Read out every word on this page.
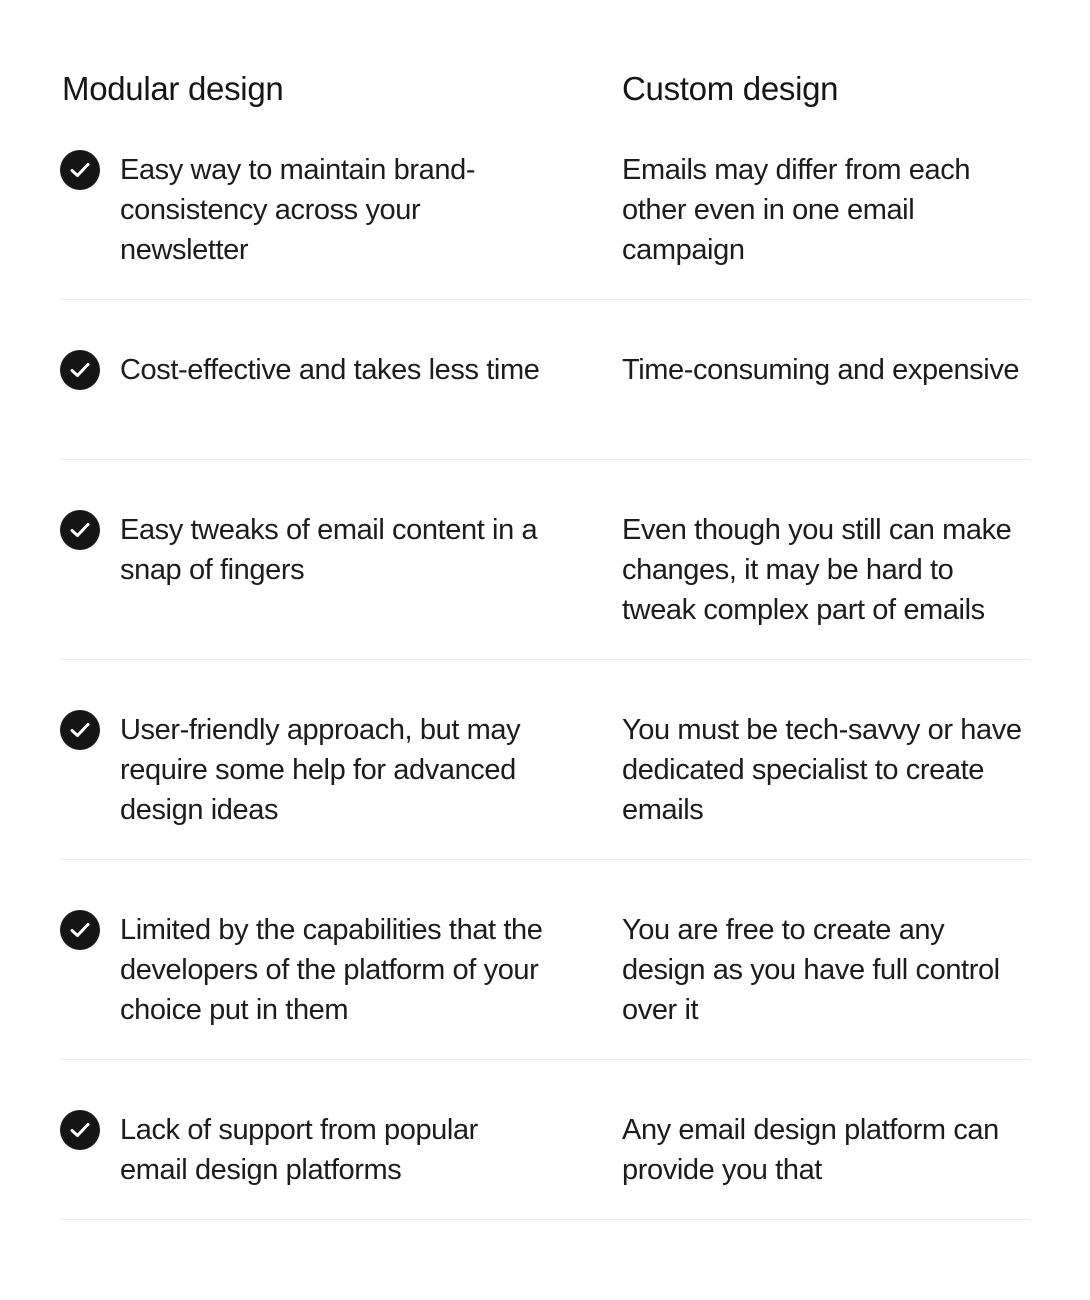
Modular design	Custom design
Easy way to maintain brand-consistency across your newsletter
Emails may differ from each other even in one email campaign
Cost-effective and takes less time	Time-consuming and expensive
Easy tweaks of email content in a snap of fingers
Even though you still can make changes, it may be hard to tweak complex part of emails
User-friendly approach, but may require some help for advanced design ideas
You must be tech-savvy or have dedicated specialist to create emails
Limited by the capabilities that the developers of the platform of your choice put in them
You are free to create any design as you have full control over it
Lack of support from popular email design platforms
Any email design platform can provide you that
